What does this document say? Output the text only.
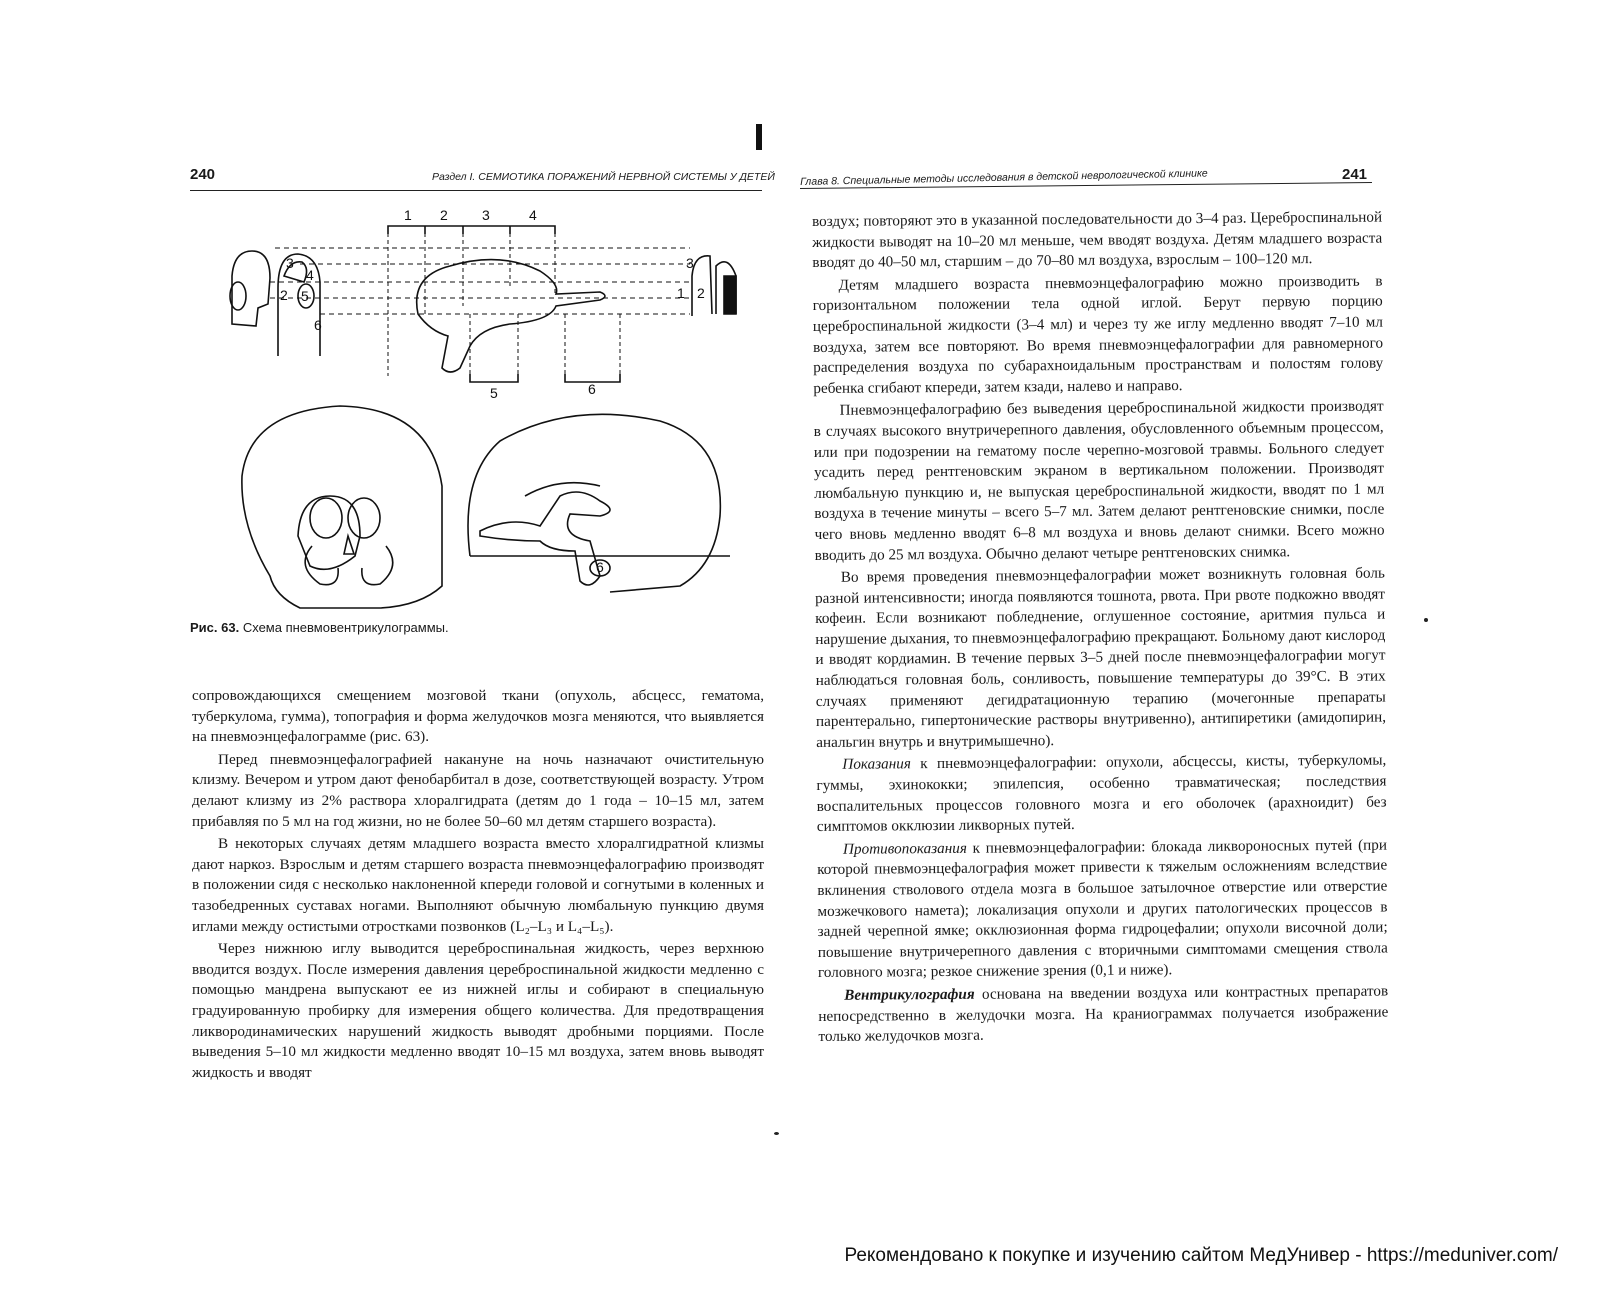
240	Раздел I. СЕМИОТИКА ПОРАЖЕНИЙ НЕРВНОЙ СИСТЕМЫ У ДЕТЕЙ
1 2 3	4
5	6
3
4
2 5
6
3
1 2
6
Рис. 63. Схема пневмовентрикулограммы.

сопровождающихся смещением мозговой ткани (опухоль, абсцесс, гематома, туберкулома, гумма), топография и форма желудочков мозга меняются, что выявляется на пневмоэнцефалограмме (рис. 63).

Перед пневмоэнцефалографией накануне на ночь назначают очистительную клизму. Вечером и утром дают фенобарбитал в дозе, соответствующей возрасту. Утром делают клизму из 2% раствора хлоралгидрата (детям до 1 года – 10–15 мл, затем прибавляя по 5 мл на год жизни, но не более 50–60 мл детям старшего возраста).

В некоторых случаях детям младшего возраста вместо хлоралгидратной клизмы дают наркоз. Взрослым и детям старшего возраста пневмоэнцефалографию производят в положении сидя с несколько наклоненной кпереди головой и согнутыми в коленных и тазобедренных суставах ногами. Выполняют обычную люмбальную пункцию двумя иглами между остистыми отростками позвонков (L₂–L₃ и L₄–L₅).

Через нижнюю иглу выводится цереброспинальная жидкость, через верхнюю вводится воздух. После измерения давления цереброспинальной жидкости медленно с помощью мандрена выпускают ее из нижней иглы и собирают в специальную градуированную пробирку для измерения общего количества. Для предотвращения ликвородинамических нарушений жидкость выводят дробными порциями. После выведения 5–10 мл жидкости медленно вводят 10–15 мл воздуха, затем вновь выводят жидкость и вводят

Глава 8. Специальные методы исследования в детской неврологической клинике	241

воздух; повторяют это в указанной последовательности до 3–4 раз. Цереброспинальной жидкости выводят на 10–20 мл меньше, чем вводят воздуха. Детям младшего возраста вводят до 40–50 мл, старшим – до 70–80 мл воздуха, взрослым – 100–120 мл.

Детям младшего возраста пневмоэнцефалографию можно производить в горизонтальном положении тела одной иглой. Берут первую порцию цереброспинальной жидкости (3–4 мл) и через ту же иглу медленно вводят 7–10 мл воздуха, затем все повторяют. Во время пневмоэнцефалографии для равномерного распределения воздуха по субарахноидальным пространствам и полостям голову ребенка сгибают кпереди, затем кзади, налево и направо.

Пневмоэнцефалографию без выведения цереброспинальной жидкости производят в случаях высокого внутричерепного давления, обусловленного объемным процессом, или при подозрении на гематому после черепно-мозговой травмы. Больного следует усадить перед рентгеновским экраном в вертикальном положении. Производят люмбальную пункцию и, не выпуская цереброспинальной жидкости, вводят по 1 мл воздуха в течение минуты – всего 5–7 мл. Затем делают рентгеновские снимки, после чего вновь медленно вводят 6–8 мл воздуха и вновь делают снимки. Всего можно вводить до 25 мл воздуха. Обычно делают четыре рентгеновских снимка.

Во время проведения пневмоэнцефалографии может возникнуть головная боль разной интенсивности; иногда появляются тошнота, рвота. При рвоте подкожно вводят кофеин. Если возникают побледнение, оглушенное состояние, аритмия пульса и нарушение дыхания, то пневмоэнцефалографию прекращают. Больному дают кислород и вводят кордиамин. В течение первых 3–5 дней после пневмоэнцефалографии могут наблюдаться головная боль, сонливость, повышение температуры до 39°С. В этих случаях применяют дегидратационную терапию (мочегонные препараты парентерально, гипертонические растворы внутривенно), антипиретики (амидопирин, анальгин внутрь и внутримышечно).

Показания к пневмоэнцефалографии: опухоли, абсцессы, кисты, туберкуломы, гуммы, эхинококки; эпилепсия, особенно травматическая; последствия воспалительных процессов головного мозга и его оболочек (арахноидит) без симптомов окклюзии ликворных путей.

Противопоказания к пневмоэнцефалографии: блокада ликвороносных путей (при которой пневмоэнцефалография может привести к тяжелым осложнениям вследствие вклинения стволового отдела мозга в большое затылочное отверстие или отверстие мозжечкового намета); локализация опухоли и других патологических процессов в задней черепной ямке; окклюзионная форма гидроцефалии; опухоли височной доли; повышение внутричерепного давления с вторичными симптомами смещения ствола головного мозга; резкое снижение зрения (0,1 и ниже).

Вентрикулография основана на введении воздуха или контрастных препаратов непосредственно в желудочки мозга. На краниограммах получается изображение только желудочков мозга.

Рекомендовано к покупке и изучению сайтом МедУнивер - https://meduniver.com/
